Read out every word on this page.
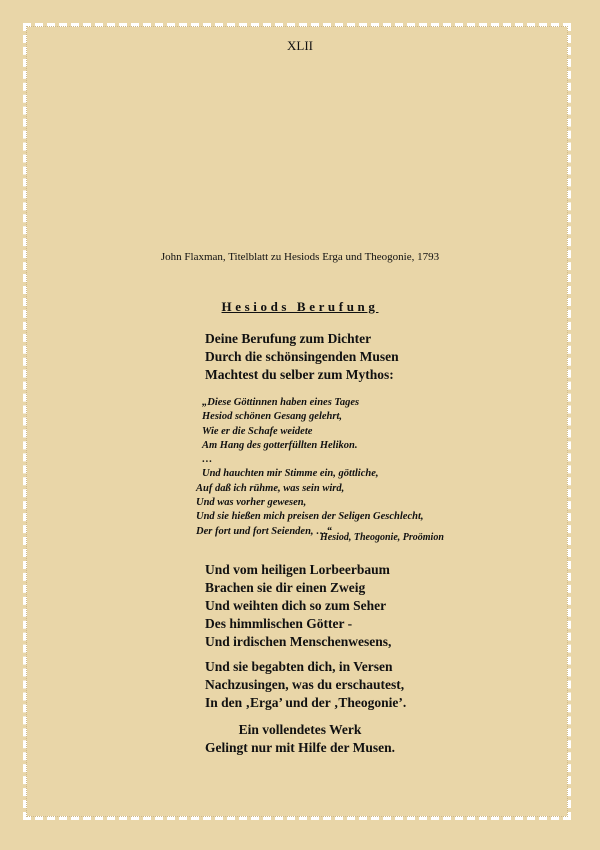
XLII
John Flaxman, Titelblatt zu Hesiods Erga und Theogonie, 1793
Hesiods Berufung
Deine Berufung zum Dichter
Durch die schönsingenden Musen
Machtest du selber zum Mythos:
„Diese Göttinnen haben eines Tages
Hesiod schönen Gesang gelehrt,
Wie er die Schafe weidete
Am Hang des gotterfüllten Helikon.
…
Und hauchten mir Stimme ein, göttliche,
Auf daß ich rühme, was sein wird,
Und was vorher gewesen,
Und sie hießen mich preisen der Seligen Geschlecht,
Der fort und fort Seienden, …“
Hesiod, Theogonie, Proömion
Und vom heiligen Lorbeerbaum
Brachen sie dir einen Zweig
Und weihten dich so zum Seher
Des himmlischen Götter -
Und irdischen Menschenwesens,
Und sie begabten dich, in Versen
Nachzusingen, was du erschautest,
In den ‚Erga’ und der ‚Theogonie’.
Ein vollendetes Werk
Gelingt nur mit Hilfe der Musen.
